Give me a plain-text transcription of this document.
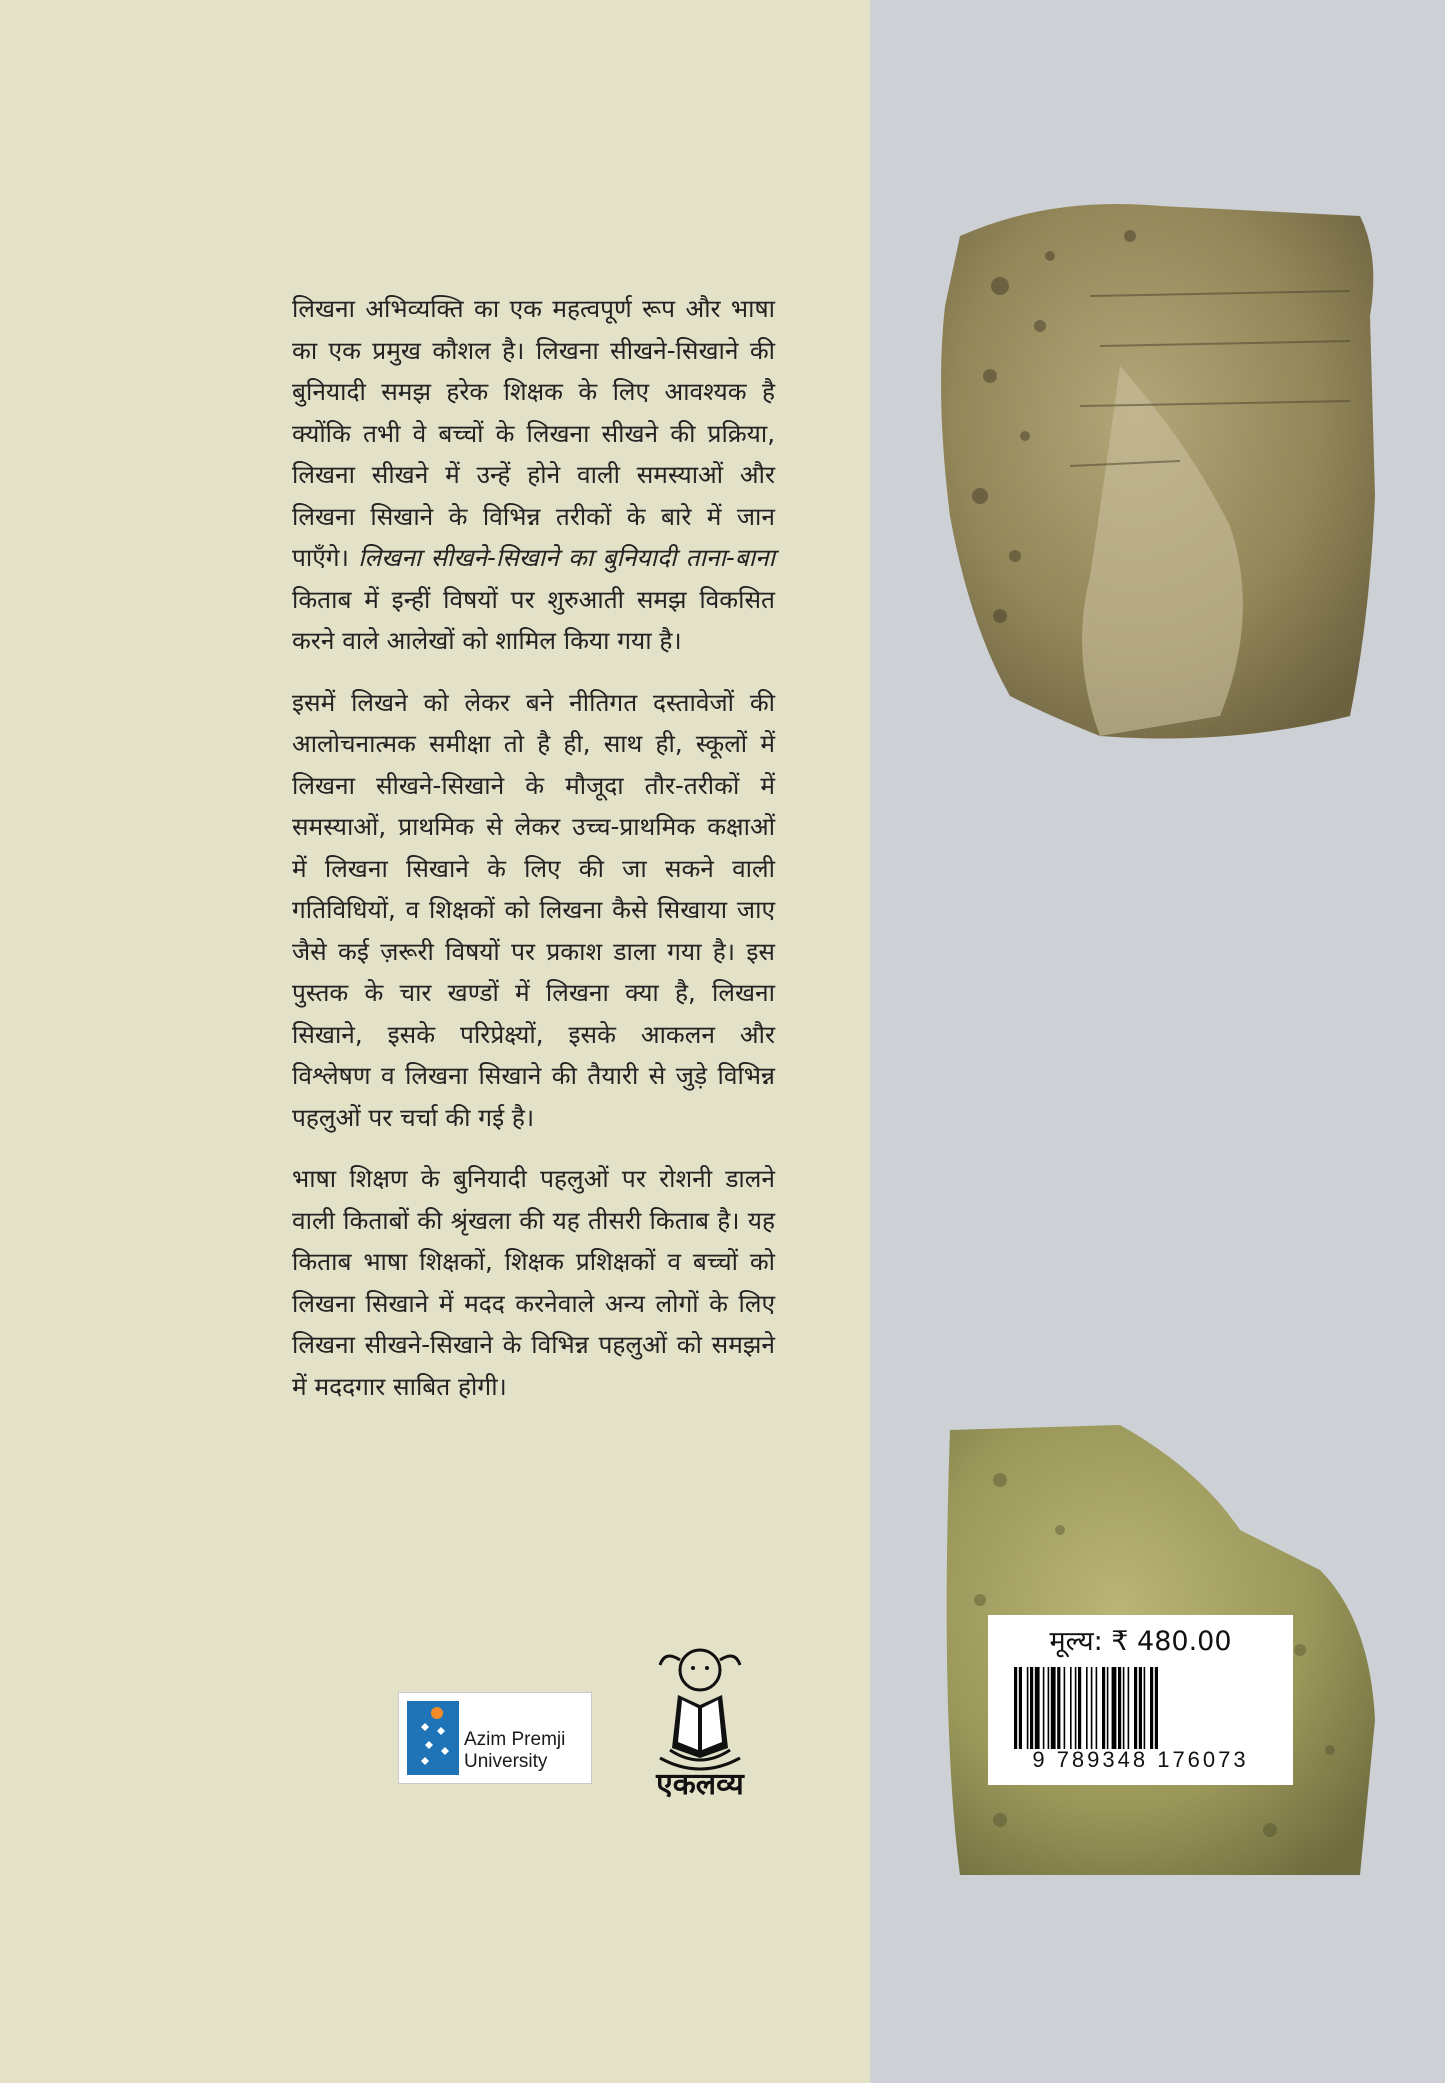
लिखना अभिव्यक्ति का एक महत्वपूर्ण रूप और भाषा का एक प्रमुख कौशल है। लिखना सीखने-सिखाने की बुनियादी समझ हरेक शिक्षक के लिए आवश्यक है क्योंकि तभी वे बच्चों के लिखना सीखने की प्रक्रिया, लिखना सीखने में उन्हें होने वाली समस्याओं और लिखना सिखाने के विभिन्न तरीकों के बारे में जान पाएँगे। लिखना सीखने-सिखाने का बुनियादी ताना-बाना किताब में इन्हीं विषयों पर शुरुआती समझ विकसित करने वाले आलेखों को शामिल किया गया है।

इसमें लिखने को लेकर बने नीतिगत दस्तावेजों की आलोचनात्मक समीक्षा तो है ही, साथ ही, स्कूलों में लिखना सीखने-सिखाने के मौजूदा तौर-तरीकों में समस्याओं, प्राथमिक से लेकर उच्च-प्राथमिक कक्षाओं में लिखना सिखाने के लिए की जा सकने वाली गतिविधियों, व शिक्षकों को लिखना कैसे सिखाया जाए जैसे कई ज़रूरी विषयों पर प्रकाश डाला गया है। इस पुस्तक के चार खण्डों में लिखना क्या है, लिखना सिखाने, इसके परिप्रेक्ष्यों, इसके आकलन और विश्लेषण व लिखना सिखाने की तैयारी से जुड़े विभिन्न पहलुओं पर चर्चा की गई है।

भाषा शिक्षण के बुनियादी पहलुओं पर रोशनी डालने वाली किताबों की श्रृंखला की यह तीसरी किताब है। यह किताब भाषा शिक्षकों, शिक्षक प्रशिक्षकों व बच्चों को लिखना सिखाने में मदद करनेवाले अन्य लोगों के लिए लिखना सीखने-सिखाने के विभिन्न पहलुओं को समझने में मददगार साबित होगी।

Azim Premji
University
एकलव्य
मूल्य: ₹ 480.00
9 789348 176073
